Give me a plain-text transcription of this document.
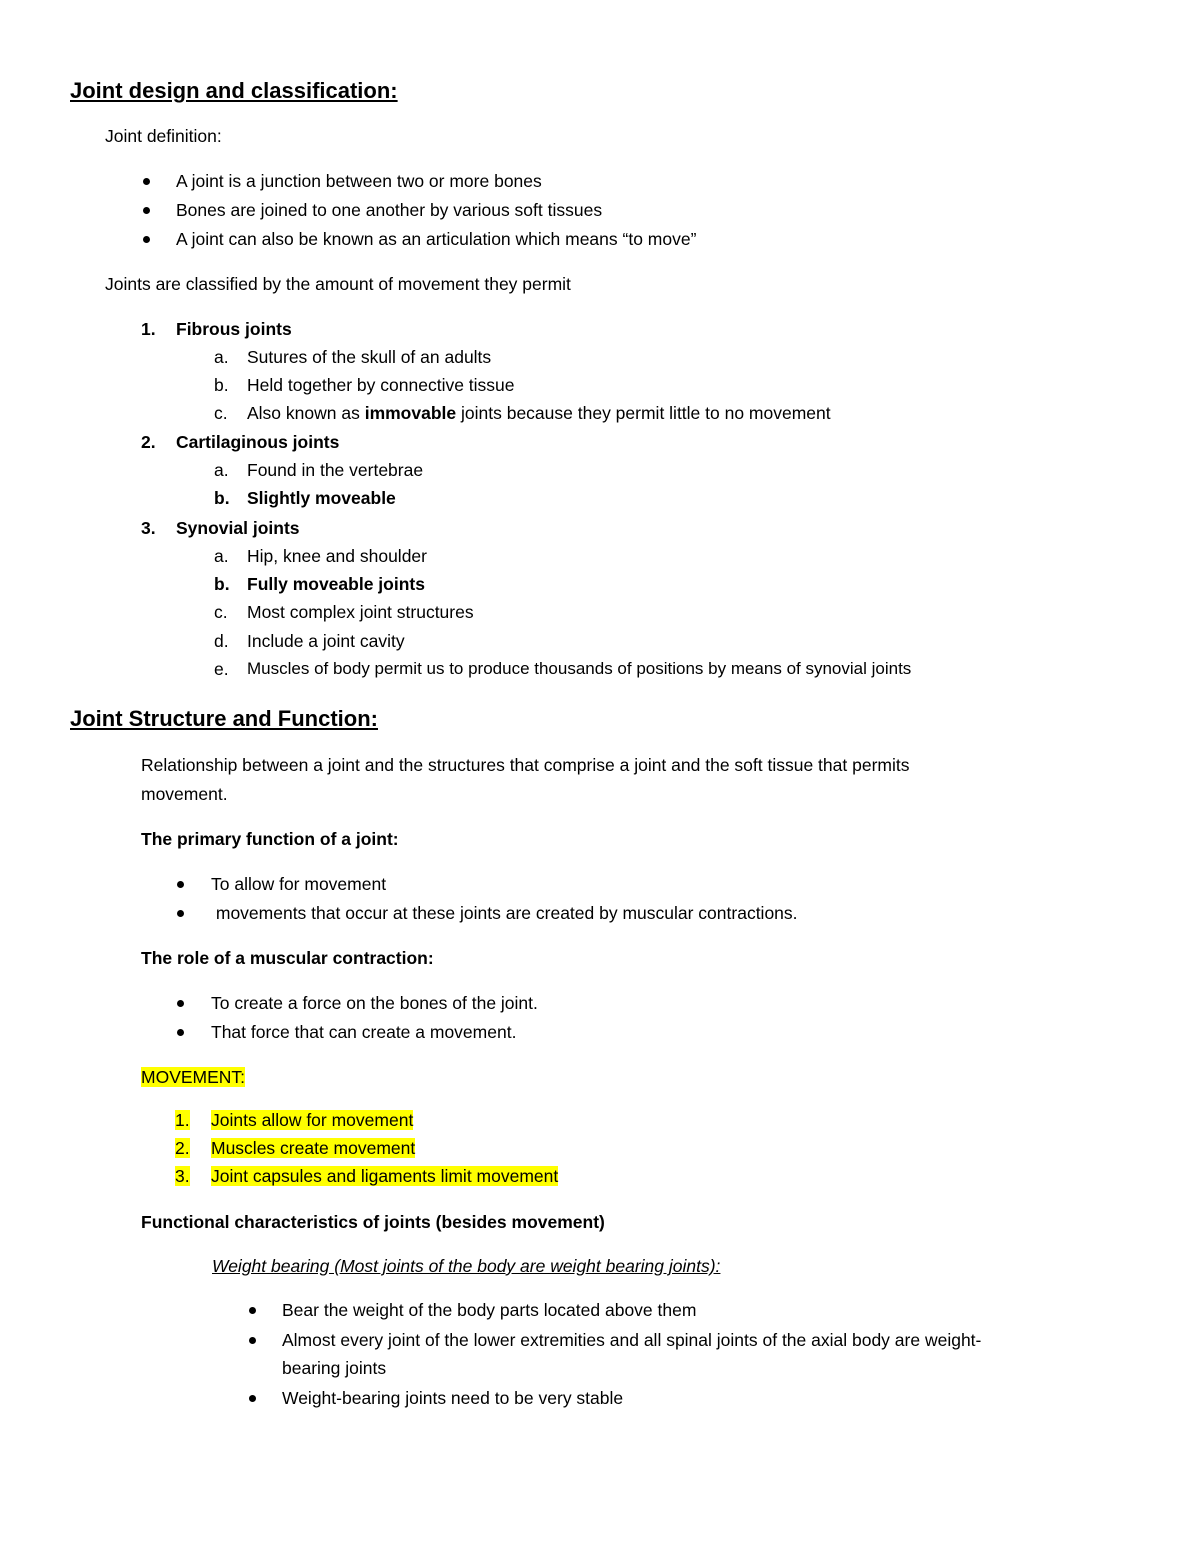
Joint design and classification:
Joint definition:
A joint is a junction between two or more bones
Bones are joined to one another by various soft tissues
A joint can also be known as an articulation which means “to move”
Joints are classified by the amount of movement they permit
1. Fibrous joints
a. Sutures of the skull of an adults
b. Held together by connective tissue
c. Also known as immovable joints because they permit little to no movement
2. Cartilaginous joints
a. Found in the vertebrae
b. Slightly moveable
3. Synovial joints
a. Hip, knee and shoulder
b. Fully moveable joints
c. Most complex joint structures
d. Include a joint cavity
e. Muscles of body permit us to produce thousands of positions by means of synovial joints
Joint Structure and Function:
Relationship between a joint and the structures that comprise a joint and the soft tissue that permits
movement.
The primary function of a joint:
To allow for movement
movements that occur at these joints are created by muscular contractions.
The role of a muscular contraction:
To create a force on the bones of the joint.
That force that can create a movement.
MOVEMENT:
1. Joints allow for movement
2. Muscles create movement
3. Joint capsules and ligaments limit movement
Functional characteristics of joints (besides movement)
Weight bearing (Most joints of the body are weight bearing joints):
Bear the weight of the body parts located above them
Almost every joint of the lower extremities and all spinal joints of the axial body are weight-
bearing joints
Weight-bearing joints need to be very stable
